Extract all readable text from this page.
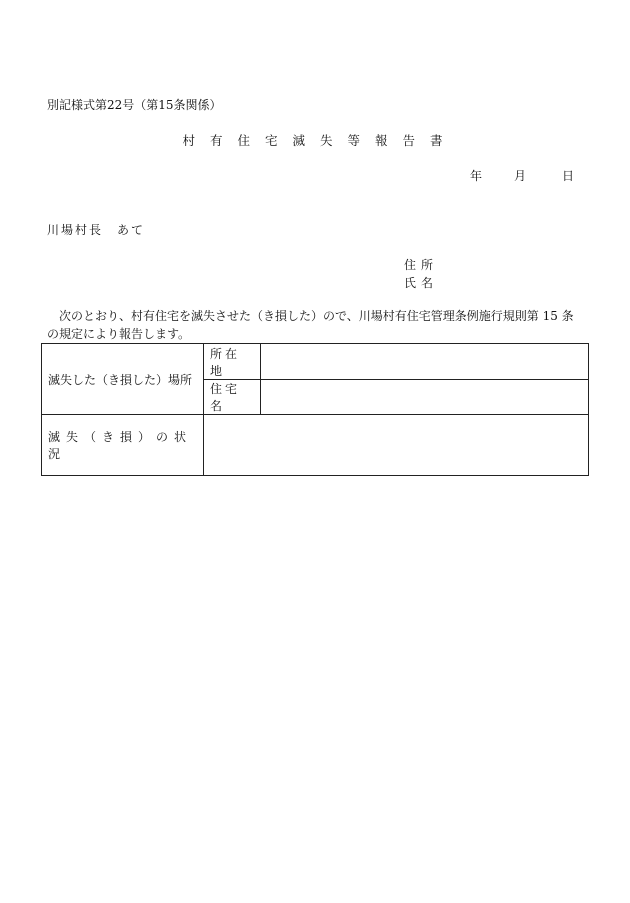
別記様式第22号（第15条関係）
村有住宅滅失等報告書
年	月	日
川場村長　あて
住所
氏名
次のとおり、村有住宅を滅失させた（き損した）ので、川場村有住宅管理条例施行規則第 15 条の規定により報告します。
滅失した（き損した）場所	所在地	
	住宅名	
滅失（き損）の状況		
